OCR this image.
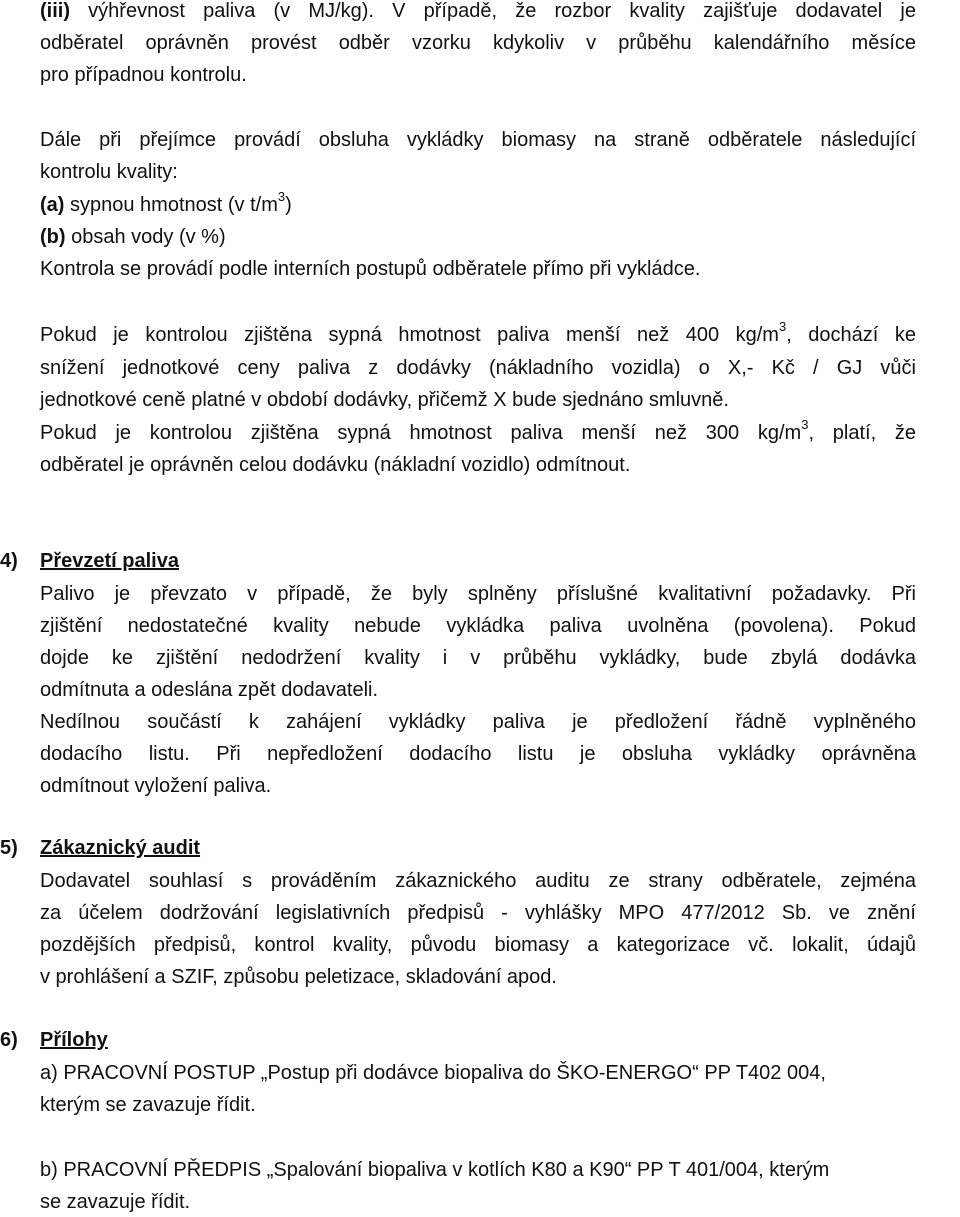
(iii) výhřevnost paliva (v MJ/kg). V případě, že rozbor kvality zajišťuje dodavatel je
odběratel oprávněn provést odběr vzorku kdykoliv v průběhu kalendářního měsíce
pro případnou kontrolu.
Dále při přejímce provádí obsluha vykládky biomasy na straně odběratele následující
kontrolu kvality:
(a) sypnou hmotnost (v $t/m^3$)
(b) obsah vody (v %)
Kontrola se provádí podle interních postupů odběratele přímo při vykládce.
Pokud je kontrolou zjištěna sypná hmotnost paliva menší než 400 $kg/m^3$, dochází ke
snížení jednotkové ceny paliva z dodávky (nákladního vozidla) o X,- Kč / GJ vůči
jednotkové ceně platné v období dodávky, přičemž X bude sjednáno smluvně.
Pokud je kontrolou zjištěna sypná hmotnost paliva menší než 300 $kg/m^3$, platí, že
odběratel je oprávněn celou dodávku (nákladní vozidlo) odmítnout.
4) Převzetí paliva
Palivo je převzato v případě, že byly splněny příslušné kvalitativní požadavky. Při
zjištění nedostatečné kvality nebude vykládka paliva uvolněna (povolena). Pokud
dojde ke zjištění nedodržení kvality i v průběhu vykládky, bude zbylá dodávka
odmítnuta a odeslána zpět dodavateli.
Nedílnou součástí k zahájení vykládky paliva je předložení řádně vyplněného
dodacího listu. Při nepředložení dodacího listu je obsluha vykládky oprávněna
odmítnout vyložení paliva.
5) Zákaznický audit
Dodavatel souhlasí s prováděním zákaznického auditu ze strany odběratele, zejména
za účelem dodržování legislativních předpisů - vyhlášky MPO 477/2012 Sb. ve znění
pozdějších předpisů, kontrol kvality, původu biomasy a kategorizace vč. lokalit, údajů
v prohlášení a SZIF, způsobu peletizace, skladování apod.
6) Přílohy
a) PRACOVNÍ POSTUP „Postup při dodávce biopaliva do ŠKO-ENERGO“ PP T402 004,
kterým se zavazuje řídit.
b) PRACOVNÍ PŘEDPIS „Spalování biopaliva v kotlích K80 a K90“ PP T 401/004, kterým
se zavazuje řídit.
